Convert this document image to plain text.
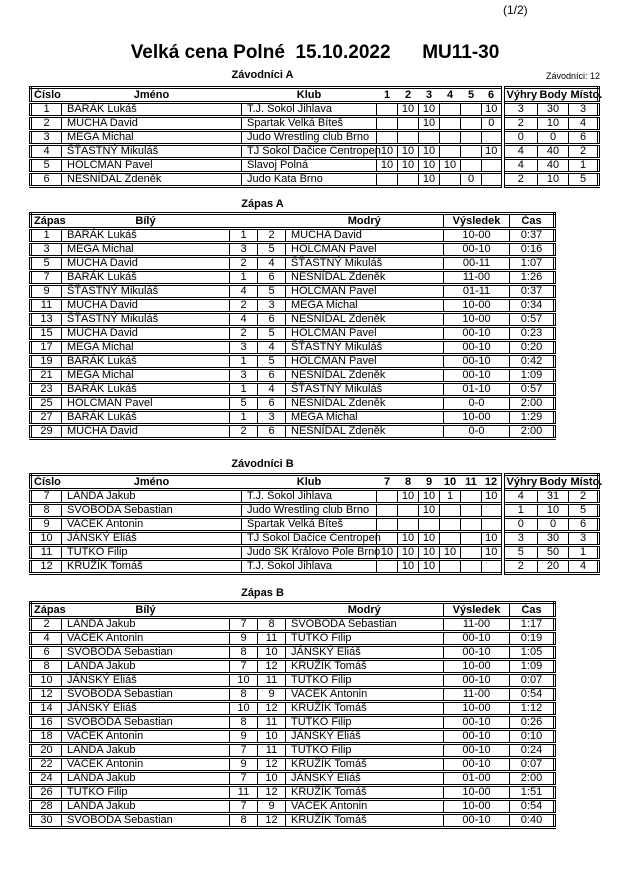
(1/2)
Velká cena Polné  15.10.2022      MU11-30
Závodníci A	Závodníci: 12
Číslo	Jméno	Klub	1	2	3	4	5	6	Výhry	Body	Místo.
1	BARÁK Lukáš	T.J. Sokol Jihlava		10	10			10	3	30	3
2	MUCHA David	Spartak Velká Bíteš			10			0	2	10	4
3	MEGA Michal	Judo Wrestling club Brno							0	0	6
4	ŠŤASTNÝ Mikuláš	TJ Sokol Dačice Centropen	10	10	10			10	4	40	2
5	HOLCMAN Pavel	Slavoj Polná	10	10	10	10			4	40	1
6	NESNÍDAL Zdeněk	Judo Kata Brno			10		0		2	10	5
Zápas A
Zápas	Bílý			Modrý	Výsledek	Čas
1	BARÁK Lukáš	1	2	MUCHA David	10-00	0:37
3	MEGA Michal	3	5	HOLCMAN Pavel	00-10	0:16
5	MUCHA David	2	4	ŠŤASTNÝ Mikuláš	00-11	1:07
7	BARÁK Lukáš	1	6	NESNÍDAL Zdeněk	11-00	1:26
9	ŠŤASTNÝ Mikuláš	4	5	HOLCMAN Pavel	01-11	0:37
11	MUCHA David	2	3	MEGA Michal	10-00	0:34
13	ŠŤASTNÝ Mikuláš	4	6	NESNÍDAL Zdeněk	10-00	0:57
15	MUCHA David	2	5	HOLCMAN Pavel	00-10	0:23
17	MEGA Michal	3	4	ŠŤASTNÝ Mikuláš	00-10	0:20
19	BARÁK Lukáš	1	5	HOLCMAN Pavel	00-10	0:42
21	MEGA Michal	3	6	NESNÍDAL Zdeněk	00-10	1:09
23	BARÁK Lukáš	1	4	ŠŤASTNÝ Mikuláš	01-10	0:57
25	HOLCMAN Pavel	5	6	NESNÍDAL Zdeněk	0-0	2:00
27	BARÁK Lukáš	1	3	MEGA Michal	10-00	1:29
29	MUCHA David	2	6	NESNÍDAL Zdeněk	0-0	2:00
Závodníci B
Číslo	Jméno	Klub	7	8	9	10	11	12	Výhry	Body	Místo.
7	LANDA Jakub	T.J. Sokol Jihlava		10	10	1		10	4	31	2
8	SVOBODA Sebastian	Judo Wrestling club Brno			10				1	10	5
9	VACEK Antonin	Spartak Velká Bíteš							0	0	6
10	JÁNSKÝ Eliáš	TJ Sokol Dačice Centropen		10	10			10	3	30	3
11	TUTKO Filip	Judo SK Královo Pole Brno	10	10	10	10		10	5	50	1
12	KRUŽÍK Tomáš	T.J. Sokol Jihlava		10	10				2	20	4
Zápas B
Zápas	Bílý			Modrý	Výsledek	Čas
2	LANDA Jakub	7	8	SVOBODA Sebastian	11-00	1:17
4	VACEK Antonin	9	11	TUTKO Filip	00-10	0:19
6	SVOBODA Sebastian	8	10	JÁNSKÝ Eliáš	00-10	1:05
8	LANDA Jakub	7	12	KRUŽÍK Tomáš	10-00	1:09
10	JÁNSKÝ Eliáš	10	11	TUTKO Filip	00-10	0:07
12	SVOBODA Sebastian	8	9	VACEK Antonin	11-00	0:54
14	JÁNSKÝ Eliáš	10	12	KRUŽÍK Tomáš	10-00	1:12
16	SVOBODA Sebastian	8	11	TUTKO Filip	00-10	0:26
18	VACEK Antonin	9	10	JÁNSKÝ Eliáš	00-10	0:10
20	LANDA Jakub	7	11	TUTKO Filip	00-10	0:24
22	VACEK Antonin	9	12	KRUŽÍK Tomáš	00-10	0:07
24	LANDA Jakub	7	10	JÁNSKÝ Eliáš	01-00	2:00
26	TUTKO Filip	11	12	KRUŽÍK Tomáš	10-00	1:51
28	LANDA Jakub	7	9	VACEK Antonin	10-00	0:54
30	SVOBODA Sebastian	8	12	KRUŽÍK Tomáš	00-10	0:40
